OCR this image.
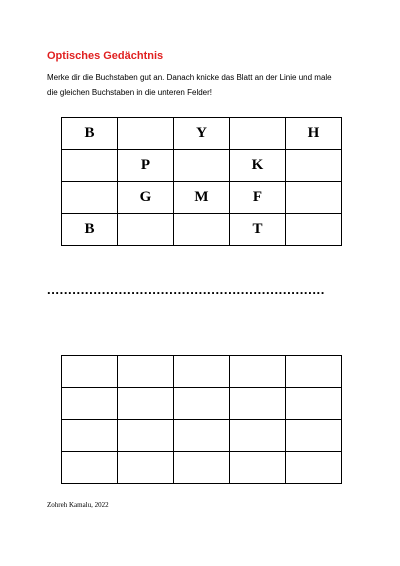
Optisches Gedächtnis
Merke dir die Buchstaben gut an. Danach knicke das Blatt an der Linie und male
die gleichen Buchstaben in die unteren Felder!
B		Y		H
	P		K	
	G	M	F	
B			T	
..................................................................

Zohreh Kamalu, 2022
